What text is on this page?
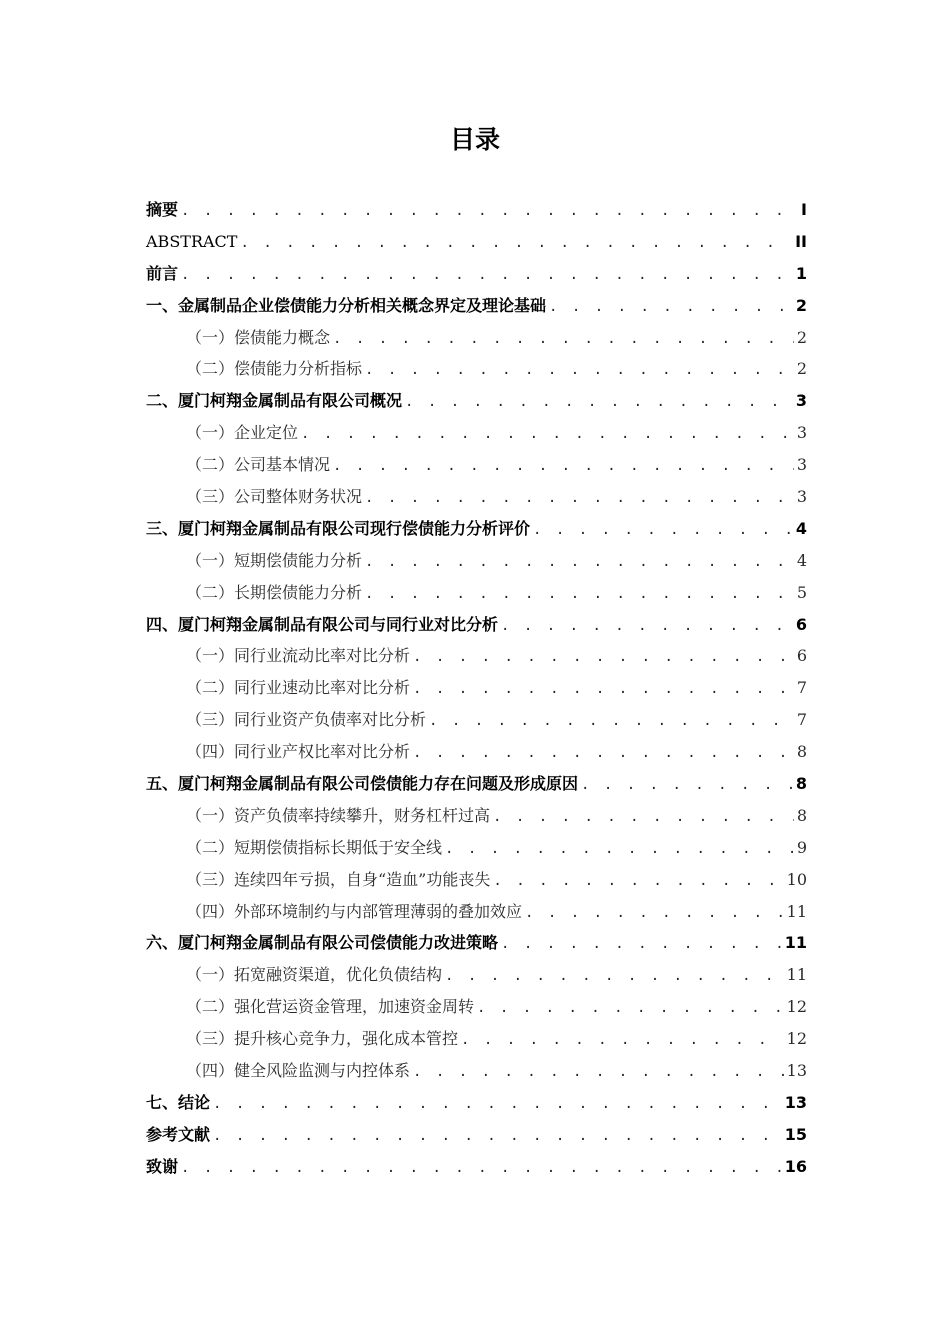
目录
摘要 . . .	I
ABSTRACT . . .	II
前言 . . .	1
一、金属制品企业偿债能力分析相关概念界定及理论基础 . . .	2
（一）偿债能力概念 . . .	2
（二）偿债能力分析指标 . . .	2
二、厦门柯翔金属制品有限公司概况 . . .	3
（一）企业定位 . . .	3
（二）公司基本情况 . . .	3
（三）公司整体财务状况 . . .	3
三、厦门柯翔金属制品有限公司现行偿债能力分析评价 . . .	4
（一）短期偿债能力分析 . . .	4
（二）长期偿债能力分析 . . .	5
四、厦门柯翔金属制品有限公司与同行业对比分析 . . .	6
（一）同行业流动比率对比分析 . . .	6
（二）同行业速动比率对比分析 . . .	7
（三）同行业资产负债率对比分析 . . .	7
（四）同行业产权比率对比分析 . . .	8
五、厦门柯翔金属制品有限公司偿债能力存在问题及形成原因 . . .	8
（一）资产负债率持续攀升，财务杠杆过高 . . .	8
（二）短期偿债指标长期低于安全线 . . .	9
（三）连续四年亏损，自身“造血”功能丧失 . . .	10
（四）外部环境制约与内部管理薄弱的叠加效应 . . .	11
六、厦门柯翔金属制品有限公司偿债能力改进策略 . . .	11
（一）拓宽融资渠道，优化负债结构 . . .	11
（二）强化营运资金管理，加速资金周转 . . .	12
（三）提升核心竞争力，强化成本管控 . . .	12
（四）健全风险监测与内控体系 . . .	13
七、结论 . . .	13
参考文献 . . .	15
致谢 . . .	16
